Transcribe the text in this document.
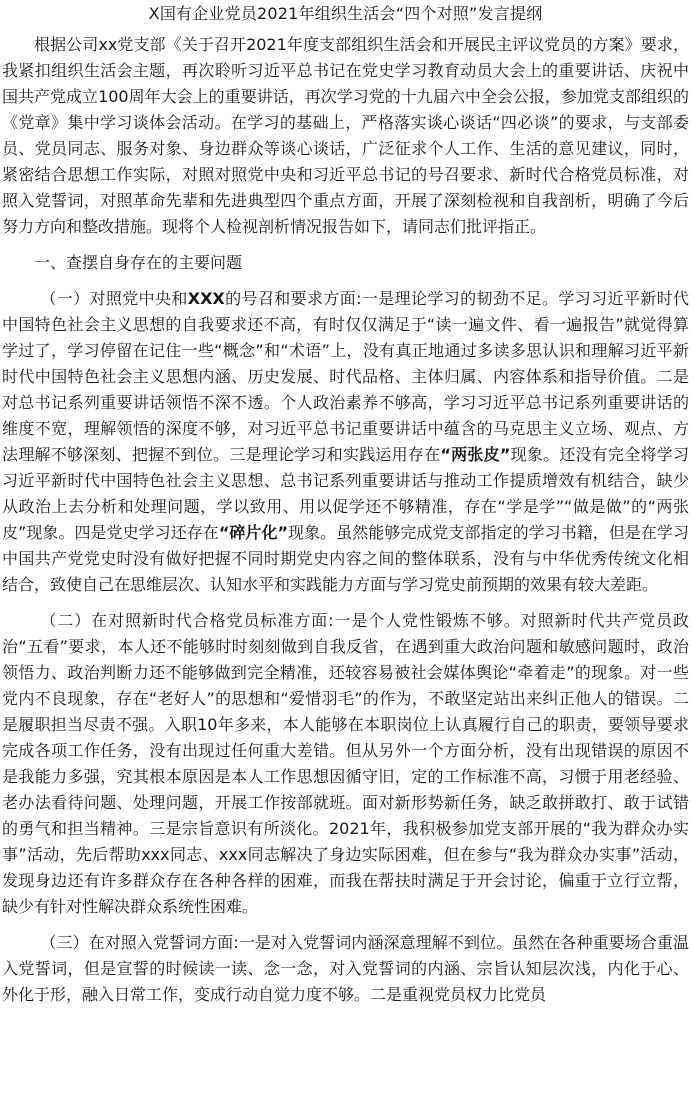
X国有企业党员2021年组织生活会“四个对照”发言提纲

根据公司xx党支部《关于召开2021年度支部组织生活会和开展民主评议党员的方案》要求，我紧扣组织生活会主题，再次聆听习近平总书记在党史学习教育动员大会上的重要讲话、庆祝中国共产党成立100周年大会上的重要讲话，再次学习党的十九届六中全会公报，参加党支部组织的《党章》集中学习谈体会活动。在学习的基础上，严格落实谈心谈话“四必谈”的要求，与支部委员、党员同志、服务对象、身边群众等谈心谈话，广泛征求个人工作、生活的意见建议，同时，紧密结合思想工作实际，对照对照党中央和习近平总书记的号召要求、新时代合格党员标准，对照入党誓词，对照革命先辈和先进典型四个重点方面，开展了深刻检视和自我剖析，明确了今后努力方向和整改措施。现将个人检视剖析情况报告如下，请同志们批评指正。

一、查摆自身存在的主要问题

（一）对照党中央和XXX的号召和要求方面:一是理论学习的韧劲不足。学习习近平新时代中国特色社会主义思想的自我要求还不高，有时仅仅满足于“读一遍文件、看一遍报告”就觉得算学过了，学习停留在记住一些“概念”和“术语”上，没有真正地通过多读多思认识和理解习近平新时代中国特色社会主义思想内涵、历史发展、时代品格、主体归属、内容体系和指导价值。二是对总书记系列重要讲话领悟不深不透。个人政治素养不够高，学习习近平总书记系列重要讲话的维度不宽，理解领悟的深度不够，对习近平总书记重要讲话中蕴含的马克思主义立场、观点、方法理解不够深刻、把握不到位。三是理论学习和实践运用存在“两张皮”现象。还没有完全将学习习近平新时代中国特色社会主义思想、总书记系列重要讲话与推动工作提质增效有机结合，缺少从政治上去分析和处理问题，学以致用、用以促学还不够精准，存在“学是学”“做是做”的“两张皮”现象。四是党史学习还存在“碎片化”现象。虽然能够完成党支部指定的学习书籍，但是在学习中国共产党党史时没有做好把握不同时期党史内容之间的整体联系，没有与中华优秀传统文化相结合，致使自己在思维层次、认知水平和实践能力方面与学习党史前预期的效果有较大差距。

（二）在对照新时代合格党员标准方面:一是个人党性锻炼不够。对照新时代共产党员政治“五看”要求，本人还不能够时时刻刻做到自我反省，在遇到重大政治问题和敏感问题时，政治领悟力、政治判断力还不能够做到完全精准，还较容易被社会媒体舆论“牵着走”的现象。对一些党内不良现象，存在“老好人”的思想和“爱惜羽毛”的作为，不敢坚定站出来纠正他人的错误。二是履职担当尽责不强。入职10年多来，本人能够在本职岗位上认真履行自己的职责，要领导要求完成各项工作任务，没有出现过任何重大差错。但从另外一个方面分析，没有出现错误的原因不是我能力多强，究其根本原因是本人工作思想因循守旧，定的工作标准不高，习惯于用老经验、老办法看待问题、处理问题，开展工作按部就班。面对新形势新任务，缺乏敢拼敢打、敢于试错的勇气和担当精神。三是宗旨意识有所淡化。2021年，我积极参加党支部开展的“我为群众办实事”活动，先后帮助xxx同志、xxx同志解决了身边实际困难，但在参与“我为群众办实事”活动，发现身边还有许多群众存在各种各样的困难，而我在帮扶时满足于开会讨论，偏重于立行立帮，缺少有针对性解决群众系统性困难。

（三）在对照入党誓词方面:一是对入党誓词内涵深意理解不到位。虽然在各种重要场合重温入党誓词，但是宣誓的时候读一读、念一念，对入党誓词的内涵、宗旨认知层次浅，内化于心、外化于形，融入日常工作，变成行动自觉力度不够。二是重视党员权力比党员
